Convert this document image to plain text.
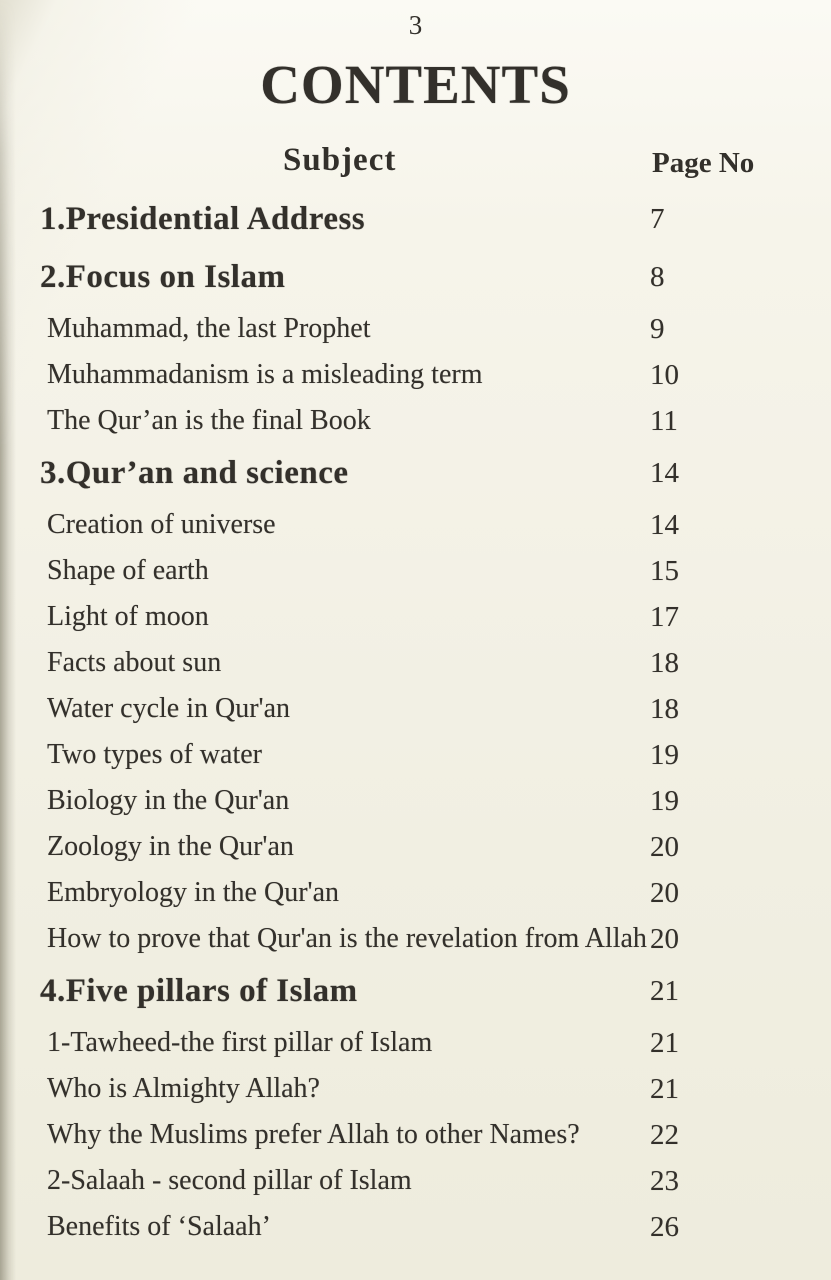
3
CONTENTS
Subject	Page No
1.Presidential Address	7
2.Focus on Islam	8
Muhammad, the last Prophet	9
Muhammadanism is a misleading term	10
The Qur’an is the final Book	11
3.Qur’an and science	14
Creation of universe	14
Shape of earth	15
Light of moon	17
Facts about sun	18
Water cycle in Qur'an	18
Two types of water	19
Biology in the Qur'an	19
Zoology in the Qur'an	20
Embryology in the Qur'an	20
How to prove that Qur'an is the revelation from Allah 20
4.Five pillars of Islam	21
1-Tawheed-the first pillar of Islam	21
Who is Almighty Allah?	21
Why the Muslims prefer Allah to other Names? 22
2-Salaah - second pillar of Islam	23
Benefits of ‘Salaah’	26
